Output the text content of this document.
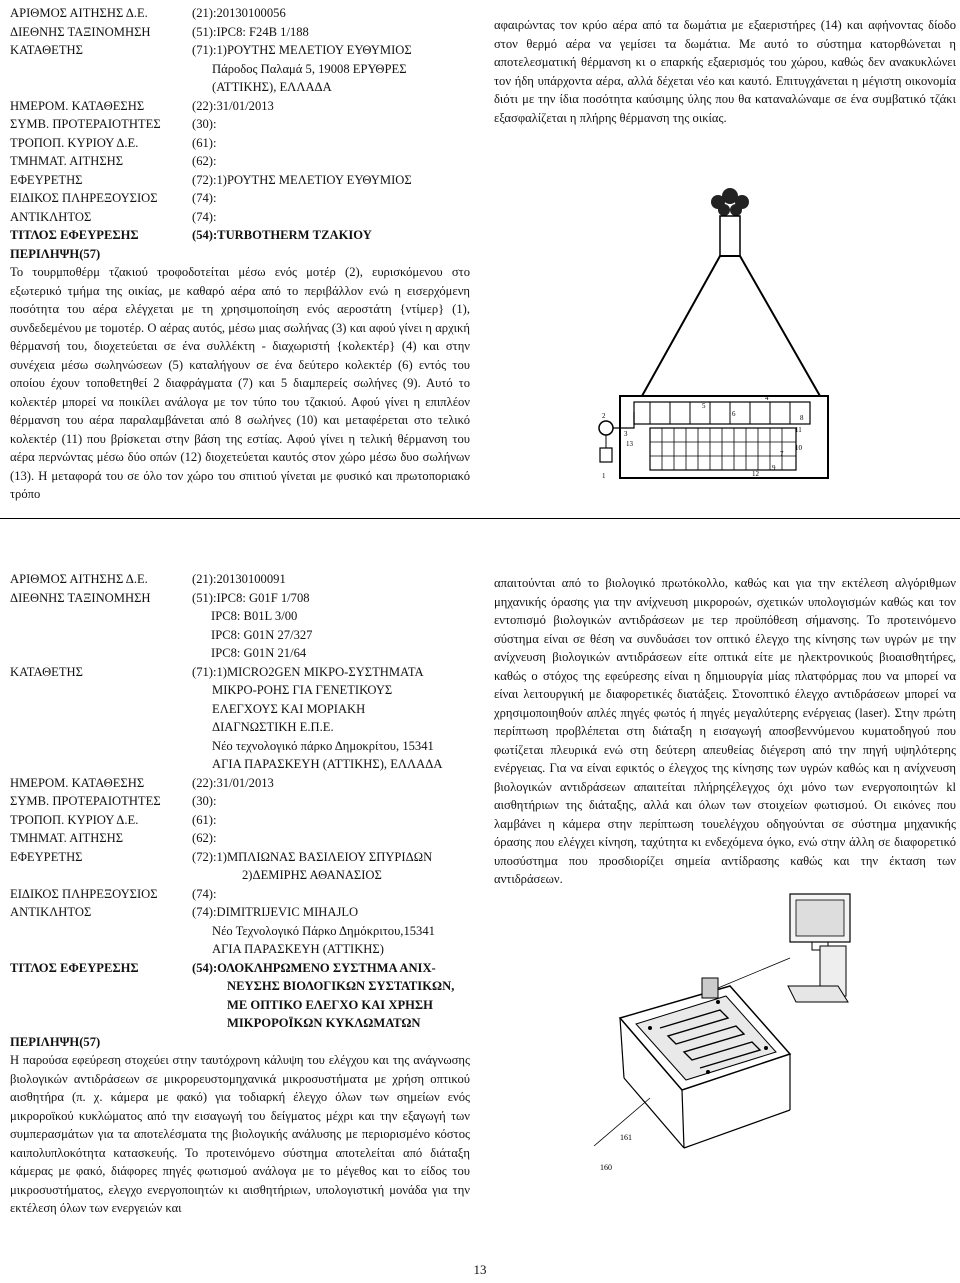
ΑΡΙΘΜΟΣ ΑΙΤΗΣΗΣ Δ.Ε.	(21):20130100056
ΔΙΕΘΝΗΣ ΤΑΞΙΝΟΜΗΣΗ	(51):IPC8: F24B 1/188
ΚΑΤΑΘΕΤΗΣ	(71):1)ΡΟΥΤΗΣ ΜΕΛΕΤΙΟΥ ΕΥΘΥΜΙΟΣ
Πάροδος Παλαμά 5, 19008 ΕΡΥΘΡΕΣ
(ΑΤΤΙΚΗΣ), ΕΛΛΑΔΑ
ΗΜΕΡΟΜ. ΚΑΤΑΘΕΣΗΣ	(22):31/01/2013
ΣΥΜΒ. ΠΡΟΤΕΡΑΙΟΤΗΤΕΣ (30):
ΤΡΟΠΟΠ. ΚΥΡΙΟΥ Δ.Ε.	(61):
ΤΜΗΜΑΤ. ΑΙΤΗΣΗΣ	(62):
ΕΦΕΥΡΕΤΗΣ	(72):1)ΡΟΥΤΗΣ ΜΕΛΕΤΙΟΥ ΕΥΘΥΜΙΟΣ
ΕΙΔΙΚΟΣ ΠΛΗΡΕΞΟΥΣΙΟΣ	(74):
ΑΝΤΙΚΛΗΤΟΣ	(74):
ΤΙΤΛΟΣ ΕΦΕΥΡΕΣΗΣ	(54):TURBOTHERM ΤΖΑΚΙΟΥ
ΠΕΡΙΛΗΨΗ(57)
Το τουρμποθέρμ τζακιού τροφοδοτείται μέσω ενός μοτέρ (2), ευρισκόμενου στο εξωτερικό τμήμα της οικίας, με καθαρό αέρα από το περιβάλλον ενώ η εισερχόμενη ποσότητα του αέρα ελέγχεται με τη χρησιμοποίηση ενός αεροστάτη {ντίμερ} (1), συνδεδεμένου με τομοτέρ. Ο αέρας αυτός, μέσω μιας σωλήνας (3) και αφού γίνει η αρχική θέρμανσή του, διοχετεύεται σε ένα συλλέκτη - διαχωριστή {κολεκτέρ} (4) και στην συνέχεια μέσω σωληνώσεων (5) καταλήγουν σε ένα δεύτερο κολεκτέρ (6) εντός του οποίου έχουν τοποθετηθεί 2 διαφράγματα (7) και 5 διαμπερείς σωλήνες (9). Αυτό το κολεκτέρ μπορεί να ποικίλει ανάλογα με τον τύπο του τζακιού. Αφού γίνει η επιπλέον θέρμανση του αέρα παραλαμβάνεται από 8 σωλήνες (10) και μεταφέρεται στο τελικό κολεκτέρ (11) που βρίσκεται στην βάση της εστίας. Αφού γίνει η τελική θέρμανση του αέρα περνώντας μέσω δύο οπών (12) διοχετεύεται καυτός στον χώρο μέσω δυο σωλήνων (13). Η μεταφορά του σε όλο τον χώρο του σπιτιού γίνεται με φυσικό και πρωτοποριακό τρόπο
αφαιρώντας τον κρύο αέρα από τα δωμάτια με εξαεριστήρες (14) και αφήνοντας δίοδο στον θερμό αέρα να γεμίσει τα δωμάτια. Με αυτό το σύστημα κατορθώνεται η αποτελεσματική θέρμανση κι ο επαρκής εξαερισμός του χώρου, καθώς δεν ανακυκλώνει τον ήδη υπάρχοντα αέρα, αλλά δέχεται νέο και καυτό. Επιτυγχάνεται η μέγιστη οικονομία διότι με την ίδια ποσότητα καύσιμης ύλης που θα καταναλώναμε σε ένα συμβατικό τζάκι εξασφαλίζεται η πλήρης θέρμανση της οικίας.
2
1
3
4
13
11
10
12
5
6
7
8
9
ΑΡΙΘΜΟΣ ΑΙΤΗΣΗΣ Δ.Ε.	(21):20130100091
ΔΙΕΘΝΗΣ ΤΑΞΙΝΟΜΗΣΗ	(51):IPC8: G01F 1/708
IPC8: B01L 3/00
IPC8: G01N 27/327
IPC8: G01N 21/64
ΚΑΤΑΘΕΤΗΣ	(71):1)MICRO2GEN ΜΙΚΡΟ-ΣΥΣΤΗΜΑΤΑ
ΜΙΚΡΟ-ΡΟΗΣ ΓΙΑ ΓΕΝΕΤΙΚΟΥΣ
ΕΛΕΓΧΟΥΣ ΚΑΙ ΜΟΡΙΑΚΗ
ΔΙΑΓΝΩΣΤΙΚΗ Ε.Π.Ε.
Νέο τεχνολογικό πάρκο Δημοκρίτου, 15341
ΑΓΙΑ ΠΑΡΑΣΚΕΥΗ (ΑΤΤΙΚΗΣ), ΕΛΛΑΔΑ
ΗΜΕΡΟΜ. ΚΑΤΑΘΕΣΗΣ	(22):31/01/2013
ΣΥΜΒ. ΠΡΟΤΕΡΑΙΟΤΗΤΕΣ (30):
ΤΡΟΠΟΠ. ΚΥΡΙΟΥ Δ.Ε.	(61):
ΤΜΗΜΑΤ. ΑΙΤΗΣΗΣ	(62):
ΕΦΕΥΡΕΤΗΣ	(72):1)ΜΠΛΙΩΝΑΣ ΒΑΣΙΛΕΙΟΥ ΣΠΥΡΙΔΩΝ
2)ΔΕΜΙΡΗΣ ΑΘΑΝΑΣΙΟΣ
ΕΙΔΙΚΟΣ ΠΛΗΡΕΞΟΥΣΙΟΣ	(74):
ΑΝΤΙΚΛΗΤΟΣ	(74):DIMITRIJEVIC MIHAJLO
Νέο Τεχνολογικό Πάρκο Δημόκριτου,15341
ΑΓΙΑ ΠΑΡΑΣΚΕΥΗ (ΑΤΤΙΚΗΣ)
ΤΙΤΛΟΣ ΕΦΕΥΡΕΣΗΣ	(54):ΟΛΟΚΛΗΡΩΜΕΝΟ ΣΥΣΤΗΜΑ ΑΝΙΧ-
ΝΕΥΣΗΣ ΒΙΟΛΟΓΙΚΩΝ ΣΥΣΤΑΤΙΚΩΝ,
ΜΕ ΟΠΤΙΚΟ ΕΛΕΓΧΟ ΚΑΙ ΧΡΗΣΗ
ΜΙΚΡΟΡΟΪΚΩΝ ΚΥΚΛΩΜΑΤΩΝ
ΠΕΡΙΛΗΨΗ(57)
Η παρούσα εφεύρεση στοχεύει στην ταυτόχρονη κάλυψη του ελέγχου και της ανάγνωσης βιολογικών αντιδράσεων σε μικρορευστομηχανικά μικροσυστήματα με χρήση οπτικού αισθητήρα (π. χ. κάμερα με φακό) για τοδιαρκή έλεγχο όλων των σημείων ενός μικροροϊκού κυκλώματος από την εισαγωγή του δείγματος μέχρι και την εξαγωγή των συμπερασμάτων για τα αποτελέσματα της βιολογικής ανάλυσης με περιορισμένο κόστος καιπολυπλοκότητα κατασκευής. Το προτεινόμενο σύστημα αποτελείται από διάταξη κάμερας με φακό, διάφορες πηγές φωτισμού ανάλογα με το μέγεθος και το είδος του μικροσυστήματος, ελεγχο ενεργοποιητών κι αισθητήριων, υπολογιστική μονάδα για την εκτέλεση όλων των ενεργειών και
απαιτούνται από το βιολογικό πρωτόκολλο, καθώς και για την εκτέλεση αλγόριθμων μηχανικής όρασης για την ανίχνευση μικροροών, σχετικών υπολογισμών καθώς και τον εντοπισμό βιολογικών αντιδράσεων με τερ προϋπόθεση σήμανσης. Το προτεινόμενο σύστημα είναι σε θέση να συνδυάσει τον οπτικό έλεγχο της κίνησης των υγρών με την ανίχνευση βιολογικών αντιδράσεων είτε οπτικά είτε με ηλεκτρονικούς βιοαισθητήρες, καθώς ο στόχος της εφεύρεσης είναι η δημιουργία μίας πλατφόρμας που να μπορεί να είναι λειτουργική με διαφορετικές διατάξεις. Στονοπτικό έλεγχο αντιδράσεων μπορεί να χρησιμοποιηθούν απλές πηγές φωτός ή πηγές μεγαλύτερης ενέργειας (laser). Στην πρώτη περίπτωση προβλέπεται στη διάταξη η εισαγωγή αποσβεννύμενου κυματοδηγού που φωτίζεται πλευρικά ενώ στη δεύτερη απευθείας διέγερση από την πηγή υψηλότερης ενέργειας. Για να είναι εφικτός ο έλεγχος της κίνησης των υγρών καθώς και η ανίχνευση βιολογικών αντιδράσεων απαιτείται πλήρηςέλεγχος όχι μόνο των ενεργοποιητών kl αισθητήριων της διάταξης, αλλά και όλων των στοιχείων φωτισμού. Οι εικόνες που λαμβάνει η κάμερα στην περίπτωση τουελέγχου οδηγούνται σε σύστημα μηχανικής όρασης που ελέγχει κίνηση, ταχύτητα κι ενδεχόμενα όγκο, ενώ στην άλλη σε διαφορετικό υποσύστημα που προσδιορίζει σημεία αντίδρασης καθώς και την έκταση των αντιδράσεων.
160
161
13
